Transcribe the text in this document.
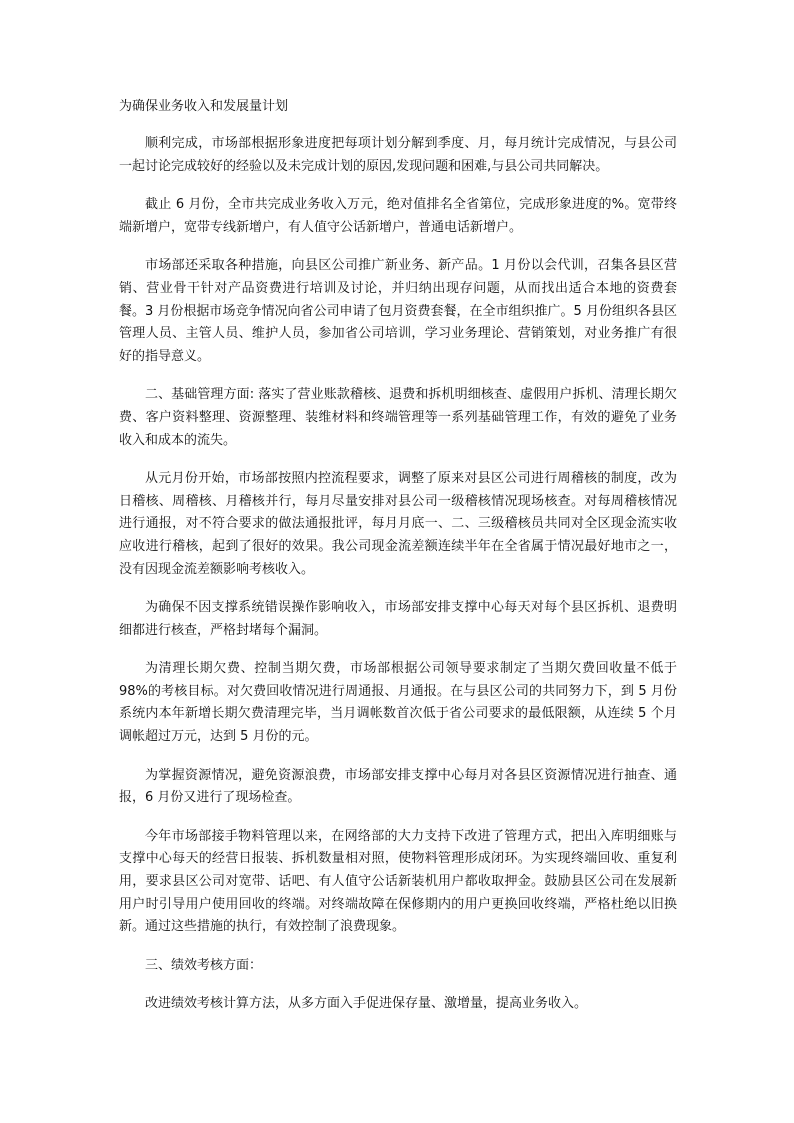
为确保业务收入和发展量计划

顺利完成，市场部根据形象进度把每项计划分解到季度、月，每月统计完成情况，与县公司一起讨论完成较好的经验以及未完成计划的原因,发现问题和困难,与县公司共同解决。

截止 6 月份，全市共完成业务收入万元，绝对值排名全省第位，完成形象进度的%。宽带终端新增户，宽带专线新增户，有人值守公话新增户，普通电话新增户。

市场部还采取各种措施，向县区公司推广新业务、新产品。1 月份以会代训，召集各县区营销、营业骨干针对产品资费进行培训及讨论，并归纳出现存问题，从而找出适合本地的资费套餐。3 月份根据市场竞争情况向省公司申请了包月资费套餐，在全市组织推广。5 月份组织各县区管理人员、主管人员、维护人员，参加省公司培训，学习业务理论、营销策划，对业务推广有很好的指导意义。

二、基础管理方面: 落实了营业账款稽核、退费和拆机明细核查、虚假用户拆机、清理长期欠费、客户资料整理、资源整理、装维材料和终端管理等一系列基础管理工作，有效的避免了业务收入和成本的流失。

从元月份开始，市场部按照内控流程要求，调整了原来对县区公司进行周稽核的制度，改为日稽核、周稽核、月稽核并行，每月尽量安排对县公司一级稽核情况现场核查。对每周稽核情况进行通报，对不符合要求的做法通报批评，每月月底一、二、三级稽核员共同对全区现金流实收应收进行稽核，起到了很好的效果。我公司现金流差额连续半年在全省属于情况最好地市之一，没有因现金流差额影响考核收入。

为确保不因支撑系统错误操作影响收入，市场部安排支撑中心每天对每个县区拆机、退费明细都进行核查，严格封堵每个漏洞。

为清理长期欠费、控制当期欠费，市场部根据公司领导要求制定了当期欠费回收量不低于 98%的考核目标。对欠费回收情况进行周通报、月通报。在与县区公司的共同努力下，到 5 月份系统内本年新增长期欠费清理完毕，当月调帐数首次低于省公司要求的最低限额，从连续 5 个月调帐超过万元，达到 5 月份的元。

为掌握资源情况，避免资源浪费，市场部安排支撑中心每月对各县区资源情况进行抽查、通报，6 月份又进行了现场检查。

今年市场部接手物料管理以来，在网络部的大力支持下改进了管理方式，把出入库明细账与支撑中心每天的经营日报装、拆机数量相对照，使物料管理形成闭环。为实现终端回收、重复利用，要求县区公司对宽带、话吧、有人值守公话新装机用户都收取押金。鼓励县区公司在发展新用户时引导用户使用回收的终端。对终端故障在保修期内的用户更换回收终端，严格杜绝以旧换新。通过这些措施的执行，有效控制了浪费现象。

三、绩效考核方面：

改进绩效考核计算方法，从多方面入手促进保存量、激增量，提高业务收入。
